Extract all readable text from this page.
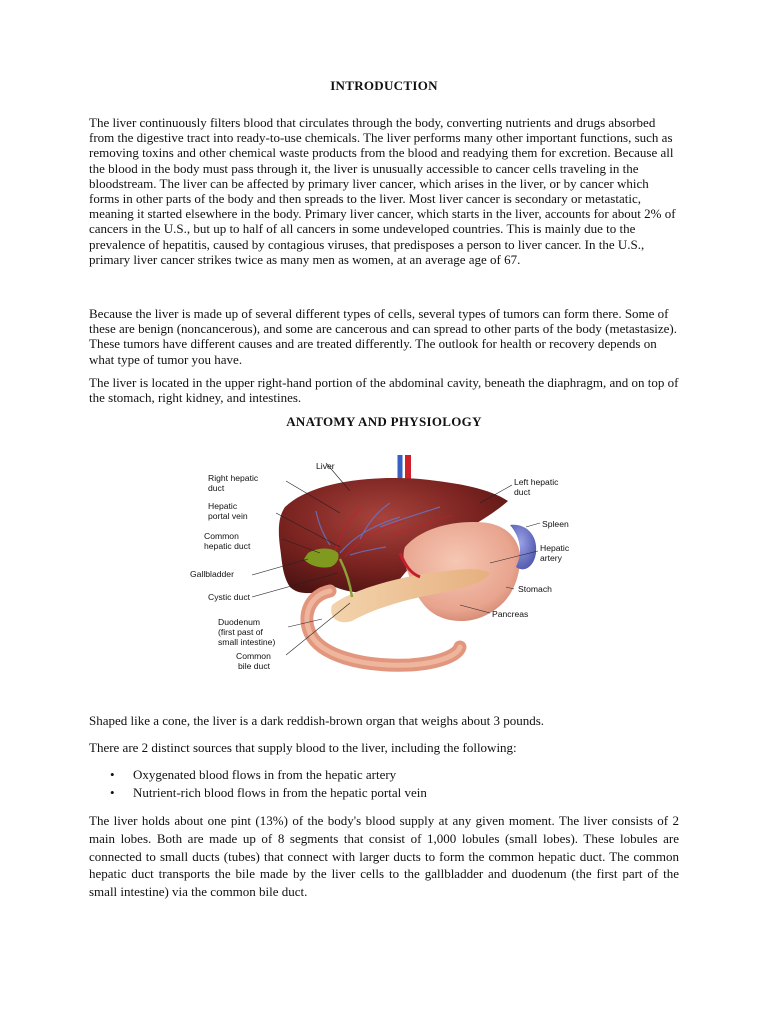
INTRODUCTION

The liver continuously filters blood that circulates through the body, converting nutrients and drugs absorbed from the digestive tract into ready-to-use chemicals. The liver performs many other important functions, such as removing toxins and other chemical waste products from the blood and readying them for excretion. Because all the blood in the body must pass through it, the liver is unusually accessible to cancer cells traveling in the bloodstream. The liver can be affected by primary liver cancer, which arises in the liver, or by cancer which forms in other parts of the body and then spreads to the liver. Most liver cancer is secondary or metastatic, meaning it started elsewhere in the body. Primary liver cancer, which starts in the liver, accounts for about 2% of cancers in the U.S., but up to half of all cancers in some undeveloped countries. This is mainly due to the prevalence of hepatitis, caused by contagious viruses, that predisposes a person to liver cancer. In the U.S., primary liver cancer strikes twice as many men as women, at an average age of 67.

Because the liver is made up of several different types of cells, several types of tumors can form there. Some of these are benign (noncancerous), and some are cancerous and can spread to other parts of the body (metastasize). These tumors have different causes and are treated differently. The outlook for health or recovery depends on what type of tumor you have.

The liver is located in the upper right-hand portion of the abdominal cavity, beneath the diaphragm, and on top of the stomach, right kidney, and intestines.

ANATOMY AND PHYSIOLOGY

Shaped like a cone, the liver is a dark reddish-brown organ that weighs about 3 pounds.

There are 2 distinct sources that supply blood to the liver, including the following:

• Oxygenated blood flows in from the hepatic artery
• Nutrient-rich blood flows in from the hepatic portal vein

The liver holds about one pint (13%) of the body's blood supply at any given moment. The liver consists of 2 main lobes. Both are made up of 8 segments that consist of 1,000 lobules (small lobes). These lobules are connected to small ducts (tubes) that connect with larger ducts to form the common hepatic duct. The common hepatic duct transports the bile made by the liver cells to the gallbladder and duodenum (the first part of the small intestine) via the common bile duct.

Liver
Right hepatic
duct
Hepatic
portal vein
Common
hepatic duct
Gallbladder
Cystic duct
Duodenum
(first past of
small intestine)
Common
bile duct
Left hepatic
duct
Spleen
Hepatic
artery
Stomach
Pancreas
